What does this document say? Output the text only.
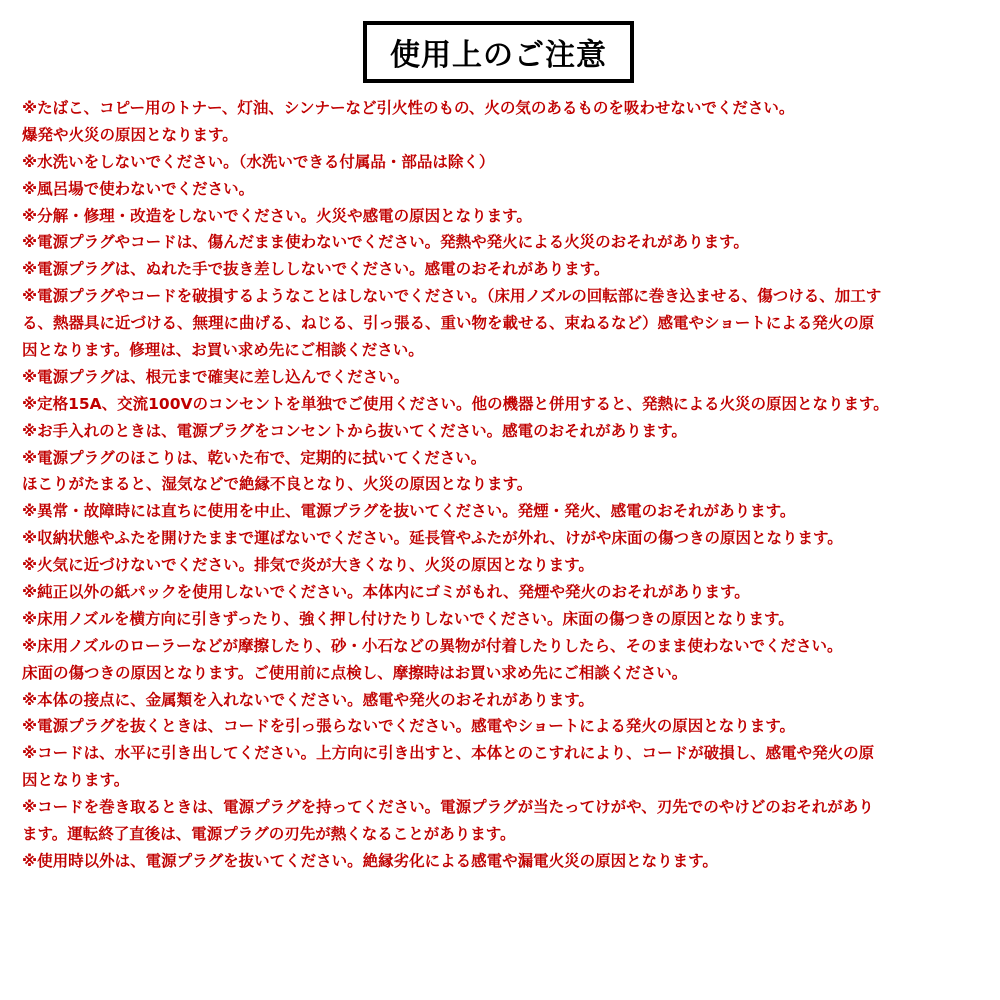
使用上のご注意
※たばこ、コピー用のトナー、灯油、シンナーなど引火性のもの、火の気のあるものを吸わせないでください。
爆発や火災の原因となります。
※水洗いをしないでください。（水洗いできる付属品・部品は除く）
※風呂場で使わないでください。
※分解・修理・改造をしないでください。火災や感電の原因となります。
※電源プラグやコードは、傷んだまま使わないでください。発熱や発火による火災のおそれがあります。
※電源プラグは、ぬれた手で抜き差ししないでください。感電のおそれがあります。
※電源プラグやコードを破損するようなことはしないでください。（床用ノズルの回転部に巻き込ませる、傷つける、加工す
る、熱器具に近づける、無理に曲げる、ねじる、引っ張る、重い物を載せる、束ねるなど）感電やショートによる発火の原
因となります。修理は、お買い求め先にご相談ください。
※電源プラグは、根元まで確実に差し込んでください。
※定格15A、交流100Vのコンセントを単独でご使用ください。他の機器と併用すると、発熱による火災の原因となります。
※お手入れのときは、電源プラグをコンセントから抜いてください。感電のおそれがあります。
※電源プラグのほこりは、乾いた布で、定期的に拭いてください。
ほこりがたまると、湿気などで絶縁不良となり、火災の原因となります。
※異常・故障時には直ちに使用を中止、電源プラグを抜いてください。発煙・発火、感電のおそれがあります。
※収納状態やふたを開けたままで運ばないでください。延長管やふたが外れ、けがや床面の傷つきの原因となります。
※火気に近づけないでください。排気で炎が大きくなり、火災の原因となります。
※純正以外の紙パックを使用しないでください。本体内にゴミがもれ、発煙や発火のおそれがあります。
※床用ノズルを横方向に引きずったり、強く押し付けたりしないでください。床面の傷つきの原因となります。
※床用ノズルのローラーなどが摩擦したり、砂・小石などの異物が付着したりしたら、そのまま使わないでください。
床面の傷つきの原因となります。ご使用前に点検し、摩擦時はお買い求め先にご相談ください。
※本体の接点に、金属類を入れないでください。感電や発火のおそれがあります。
※電源プラグを抜くときは、コードを引っ張らないでください。感電やショートによる発火の原因となります。
※コードは、水平に引き出してください。上方向に引き出すと、本体とのこすれにより、コードが破損し、感電や発火の原
因となります。
※コードを巻き取るときは、電源プラグを持ってください。電源プラグが当たってけがや、刃先でのやけどのおそれがあり
ます。運転終了直後は、電源プラグの刃先が熱くなることがあります。
※使用時以外は、電源プラグを抜いてください。絶縁劣化による感電や漏電火災の原因となります。
